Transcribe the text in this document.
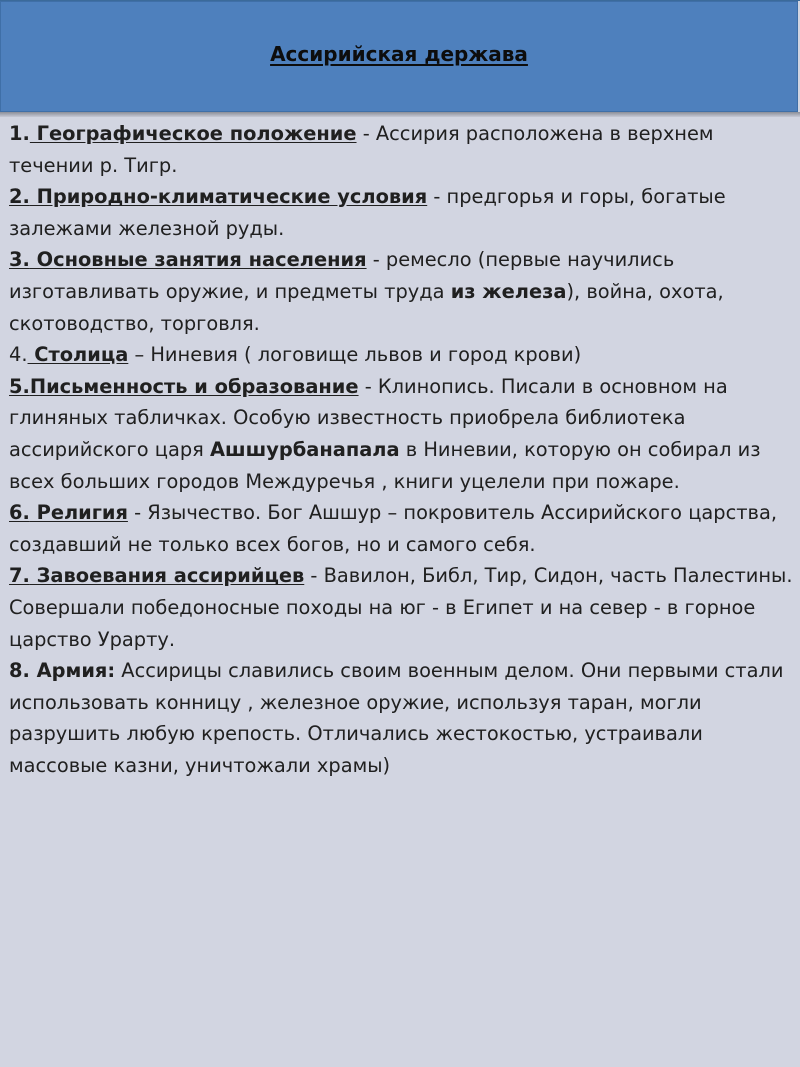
Ассирийская держава

1. Географическое положение - Ассирия расположена в верхнем течении р. Тигр.

2. Природно-климатические условия - предгорья и горы, богатые залежами железной руды.

3. Основные занятия населения - ремесло (первые научились изготавливать оружие, и предметы труда из железа), война, охота, скотоводство, торговля.

4. Столица – Ниневия ( логовище львов и город крови)

5.Письменность и образование - Клинопись. Писали в основном на глиняных табличках. Особую известность приобрела библиотека ассирийского царя Ашшурбанапала в Ниневии, которую он собирал из всех больших городов Междуречья , книги уцелели при пожаре.

6. Религия - Язычество. Бог Ашшур – покровитель Ассирийского царства, создавший не только всех богов, но и самого себя.

7. Завоевания ассирийцев - Вавилон, Библ, Тир, Сидон, часть Палестины. Совершали победоносные походы на юг - в Египет и на север - в горное царство Урарту.

8. Армия: Ассирицы славились своим военным делом. Они первыми стали использовать конницу , железное оружие, используя таран, могли разрушить любую крепость. Отличались жестокостью, устраивали массовые казни, уничтожали храмы)
